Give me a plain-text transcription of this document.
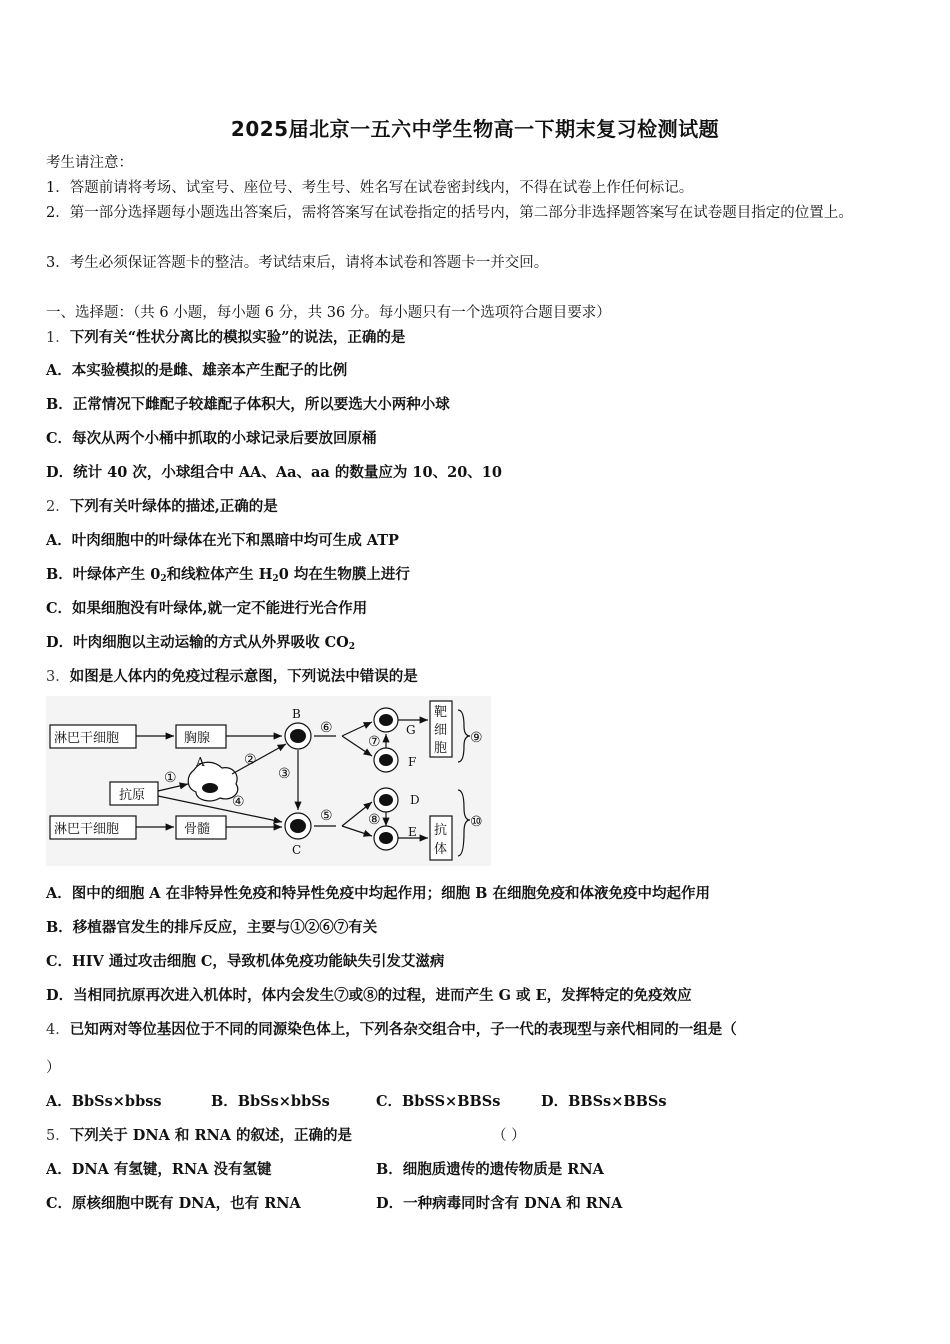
2025届北京一五六中学生物高一下期末复习检测试题
考生请注意：
1．答题前请将考场、试室号、座位号、考生号、姓名写在试卷密封线内，不得在试卷上作任何标记。
2．第一部分选择题每小题选出答案后，需将答案写在试卷指定的括号内，第二部分非选择题答案写在试卷题目指定的位置上。
3．考生必须保证答题卡的整洁。考试结束后，请将本试卷和答题卡一并交回。
一、选择题：（共 6 小题，每小题 6 分，共 36 分。每小题只有一个选项符合题目要求）
1．下列有关“性状分离比的模拟实验”的说法，正确的是
A．本实验模拟的是雌、雄亲本产生配子的比例
B．正常情况下雌配子较雄配子体积大，所以要选大小两种小球
C．每次从两个小桶中抓取的小球记录后要放回原桶
D．统计 40 次，小球组合中 AA、Aa、aa 的数量应为 10、20、10
2．下列有关叶绿体的描述,正确的是
A．叶肉细胞中的叶绿体在光下和黑暗中均可生成 ATP
B．叶绿体产生 $0_2$和线粒体产生 $H_20$ 均在生物膜上进行
C．如果细胞没有叶绿体,就一定不能进行光合作用
D．叶肉细胞以主动运输的方式从外界吸收 $CO_2$
3．如图是人体内的免疫过程示意图，下列说法中错误的是
淋巴干细胞	胸腺
抗原
淋巴干细胞	骨髓
靶
细
胞
抗
体
A
B
C
D
E
F
G
①
②
③
④
⑤
⑥
⑦
⑧
⑨
⑩
A．图中的细胞 A 在非特异性免疫和特异性免疫中均起作用；细胞 B 在细胞免疫和体液免疫中均起作用
B．移植器官发生的排斥反应，主要与①②⑥⑦有关
C．HIV 通过攻击细胞 C，导致机体免疫功能缺失引发艾滋病
D．当相同抗原再次进入机体时，体内会发生⑦或⑧的过程，进而产生 G 或 E，发挥特定的免疫效应
4．已知两对等位基因位于不同的同源染色体上，下列各杂交组合中，子一代的表现型与亲代相同的一组是（
）
A．BbSs×bbss	B．BbSs×bbSs	C．BbSS×BBSs	D．BBSs×BBSs
5．下列关于 DNA 和 RNA 的叙述，正确的是	（ ）
A．DNA 有氢键，RNA 没有氢键	B．细胞质遗传的遗传物质是 RNA
C．原核细胞中既有 DNA，也有 RNA	D．一种病毒同时含有 DNA 和 RNA
